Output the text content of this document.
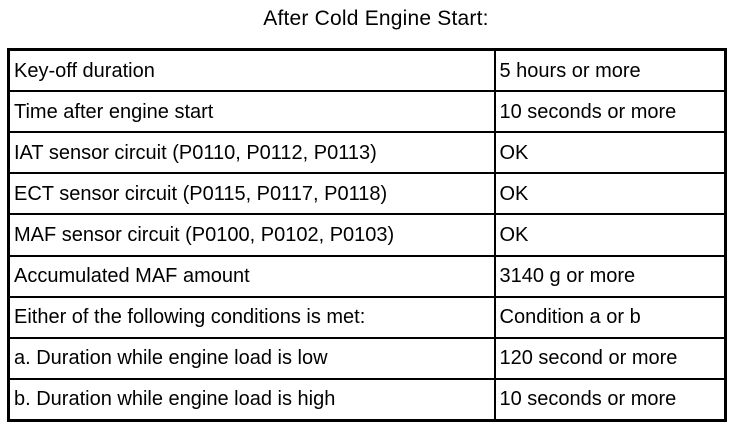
After Cold Engine Start:
Key-off duration	5 hours or more
Time after engine start	10 seconds or more
IAT sensor circuit (P0110, P0112, P0113)	OK
ECT sensor circuit (P0115, P0117, P0118)	OK
MAF sensor circuit (P0100, P0102, P0103)	OK
Accumulated MAF amount	3140 g or more
Either of the following conditions is met:	Condition a or b
a. Duration while engine load is low	120 second or more
b. Duration while engine load is high	10 seconds or more
